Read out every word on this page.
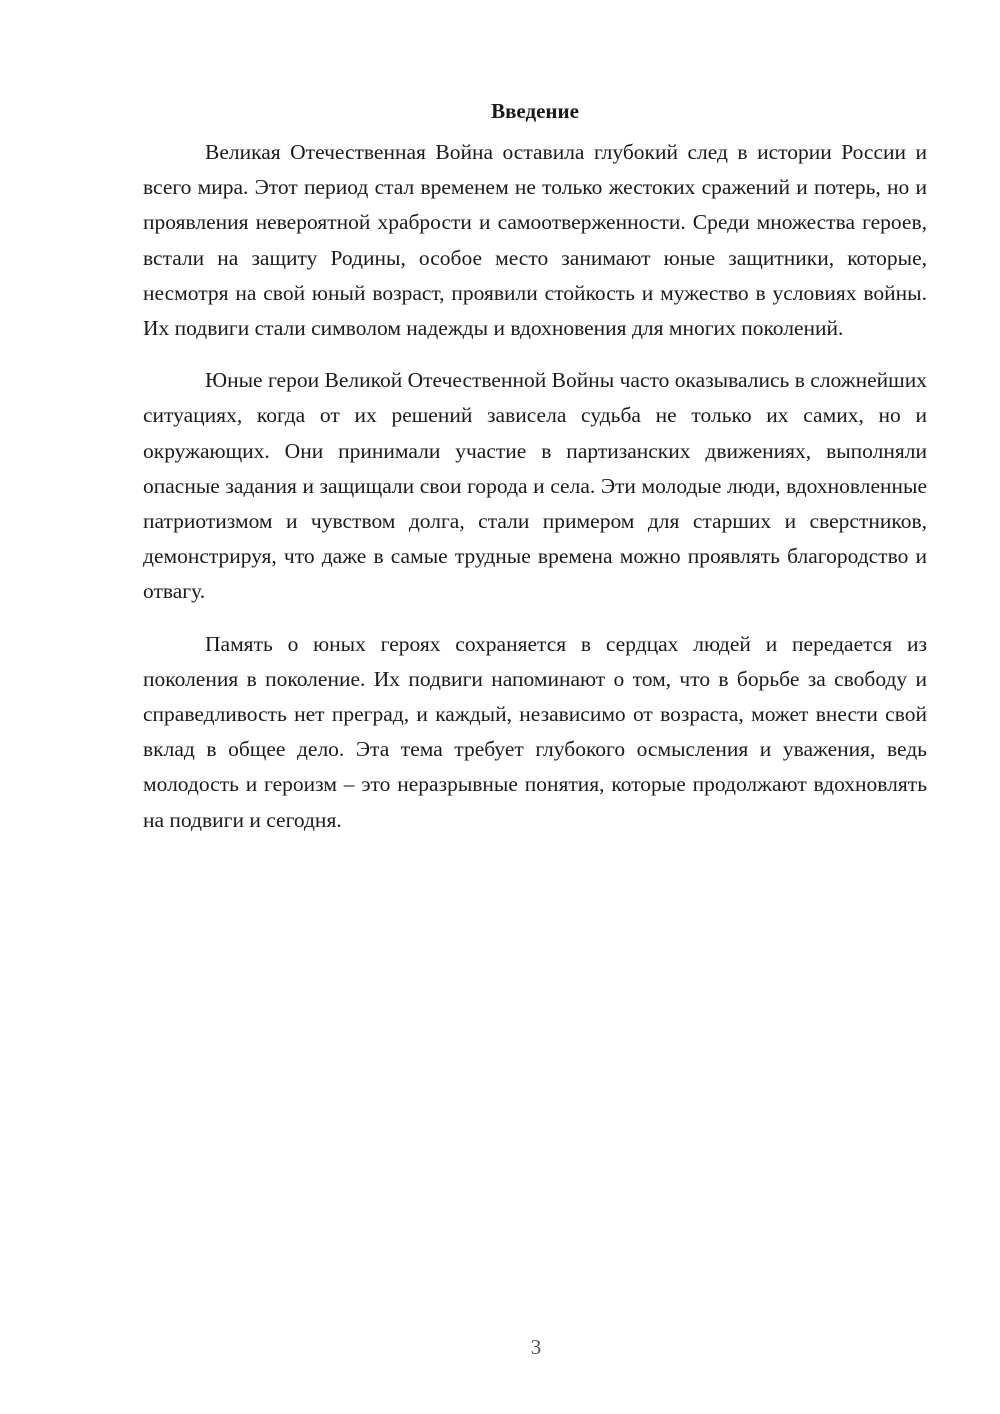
Введение

Великая Отечественная Война оставила глубокий след в истории России и всего мира. Этот период стал временем не только жестоких сражений и потерь, но и проявления невероятной храбрости и самоотверженности. Среди множества героев, встали на защиту Родины, особое место занимают юные защитники, которые, несмотря на свой юный возраст, проявили стойкость и мужество в условиях войны. Их подвиги стали символом надежды и вдохновения для многих поколений.

Юные герои Великой Отечественной Войны часто оказывались в сложнейших ситуациях, когда от их решений зависела судьба не только их самих, но и окружающих. Они принимали участие в партизанских движениях, выполняли опасные задания и защищали свои города и села. Эти молодые люди, вдохновленные патриотизмом и чувством долга, стали примером для старших и сверстников, демонстрируя, что даже в самые трудные времена можно проявлять благородство и отвагу.

Память о юных героях сохраняется в сердцах людей и передается из поколения в поколение. Их подвиги напоминают о том, что в борьбе за свободу и справедливость нет преград, и каждый, независимо от возраста, может внести свой вклад в общее дело. Эта тема требует глубокого осмысления и уважения, ведь молодость и героизм – это неразрывные понятия, которые продолжают вдохновлять на подвиги и сегодня.

3
